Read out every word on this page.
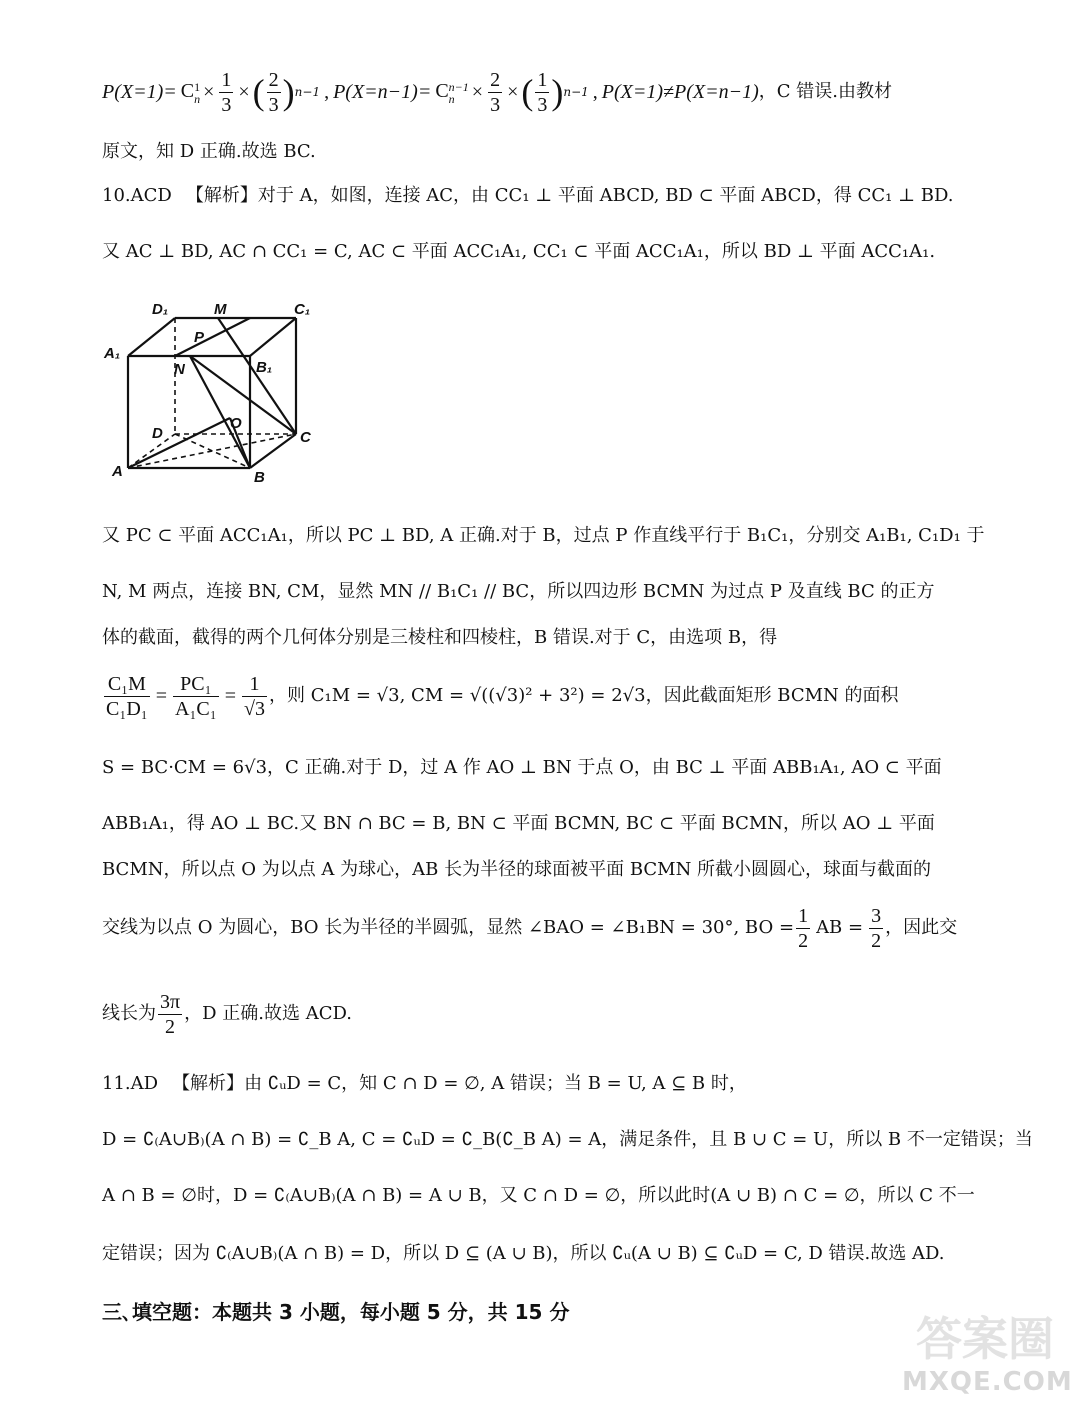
P(X=1)= C 1
$n \times \frac{1}{3}$ × ( $\frac{2}{3}$ ) n−1 , P(X=n−1)= C n−1
$n \times \frac{2}{3}$ × ( $\frac{1}{3}$ ) n−1 , P(X=1)≠P(X=n−1) ，C 错误.由教材
原文，知 D 正确.故选 BC.
10.ACD 【解析】对于 A，如图，连接 AC，由 CC₁ ⊥ 平面 ABCD, BD ⊂ 平面 ABCD，得 CC₁ ⊥ BD.
又 AC ⊥ BD, AC ∩ CC₁ = C, AC ⊂ 平面 ACC₁A₁, CC₁ ⊂ 平面 ACC₁A₁，所以 BD ⊥ 平面 ACC₁A₁.
D₁	M	C₁
A₁
P
B₁
N
O
D	C
A	B
又 PC ⊂ 平面 ACC₁A₁，所以 PC ⊥ BD, A 正确.对于 B，过点 P 作直线平行于 B₁C₁，分别交 A₁B₁, C₁D₁ 于
N, M 两点，连接 BN, CM，显然 MN // B₁C₁ // BC，所以四边形 BCMN 为过点 P 及直线 BC 的正方
体的截面，截得的两个几何体分别是三棱柱和四棱柱，B 错误.对于 C，由选项 B，得
$\frac{\text{C₁M}}{\text{C₁D₁}} = \frac{\text{PC₁}}{\text{A₁C₁}} = \frac{1}{√3}$ ，则 C₁M = √3, CM = √((√3)² + 3²) = 2√3，因此截面矩形 BCMN 的面积
S = BC·CM = 6√3，C 正确.对于 D，过 A 作 AO ⊥ BN 于点 O，由 BC ⊥ 平面 ABB₁A₁, AO ⊂ 平面
ABB₁A₁，得 AO ⊥ BC.又 BN ∩ BC = B, BN ⊂ 平面 BCMN, BC ⊂ 平面 BCMN，所以 AO ⊥ 平面
BCMN，所以点 O 为以点 A 为球心，AB 长为半径的球面被平面 BCMN 所截小圆圆心，球面与截面的
交线为以点 O 为圆心，BO 长为半径的半圆弧，显然 ∠BAO = ∠B₁BN = 30°, BO = $\frac{1}{2}$ AB = $\frac{3}{2}$ ，因此交
线长为 $\frac{3\pi}{2}$ ，D 正确.故选 ACD.
11.AD 【解析】由 ∁ᵤD = C，知 C ∩ D = ∅, A 错误；当 B = U, A ⊆ B 时，
D = ∁₍A∪B₎(A ∩ B) = ∁_B A, C = ∁ᵤD = ∁_B(∁_B A) = A，满足条件，且 B ∪ C = U，所以 B 不一定错误；当
A ∩ B = ∅时，D = ∁₍A∪B₎(A ∩ B) = A ∪ B，又 C ∩ D = ∅，所以此时(A ∪ B) ∩ C = ∅，所以 C 不一
定错误；因为 ∁₍A∪B₎(A ∩ B) = D，所以 D ⊆ (A ∪ B)，所以 ∁ᵤ(A ∪ B) ⊆ ∁ᵤD = C, D 错误.故选 AD.
三､填空题：本题共 3 小题，每小题 5 分，共 15 分	答案圈
MXQE.COM
